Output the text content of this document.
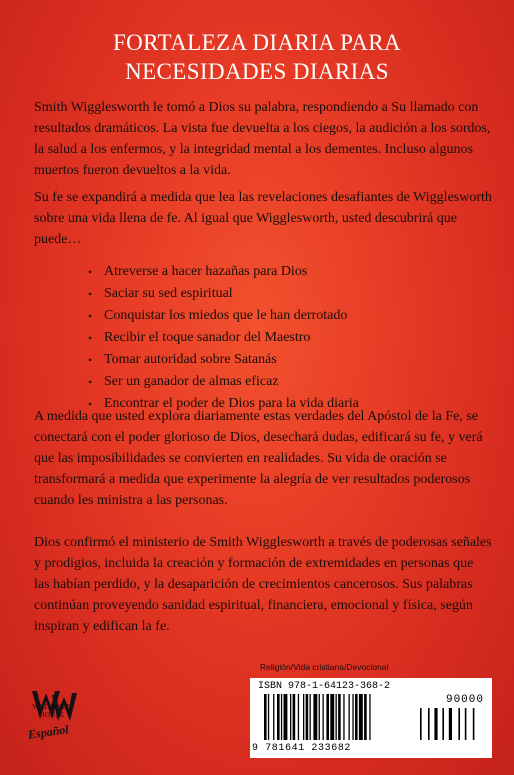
FORTALEZA DIARIA PARA
NECESIDADES DIARIAS

Smith Wigglesworth le tomó a Dios su palabra, respondiendo a Su llamado con resultados dramáticos. La vista fue devuelta a los ciegos, la audición a los sordos, la salud a los enfermos, y la integridad mental a los dementes. Incluso algunos muertos fueron devueltos a la vida.

Su fe se expandirá a medida que lea las revelaciones desafiantes de Wigglesworth sobre una vida llena de fe. Al igual que Wigglesworth, usted descubrirá que puede…

• Atreverse a hacer hazañas para Dios
• Saciar su sed espiritual
• Conquistar los miedos que le han derrotado
• Recibir el toque sanador del Maestro
• Tomar autoridad sobre Satanás
• Ser un ganador de almas eficaz
• Encontrar el poder de Dios para la vida diaria

A medida que usted explora diariamente estas verdades del Apóstol de la Fe, se conectará con el poder glorioso de Dios, desechará dudas, edificará su fe, y verá que las imposibilidades se convierten en realidades. Su vida de oración se transformará a medida que experimente la alegría de ver resultados poderosos cuando les ministra a las personas.

Dios confirmó el ministerio de Smith Wigglesworth a través de poderosas señales y prodigios, incluida la creación y formación de extremidades en personas que las habían perdido, y la desaparición de crecimientos cancerosos. Sus palabras continúan proveyendo sanidad espiritual, financiera, emocional y física, según inspiran y edifican la fe.

WHITAKER
HOUSE
Español
Religión/Vida cristiana/Devocional
ISBN 978-1-64123-368-2
90000
9 781641 233682
